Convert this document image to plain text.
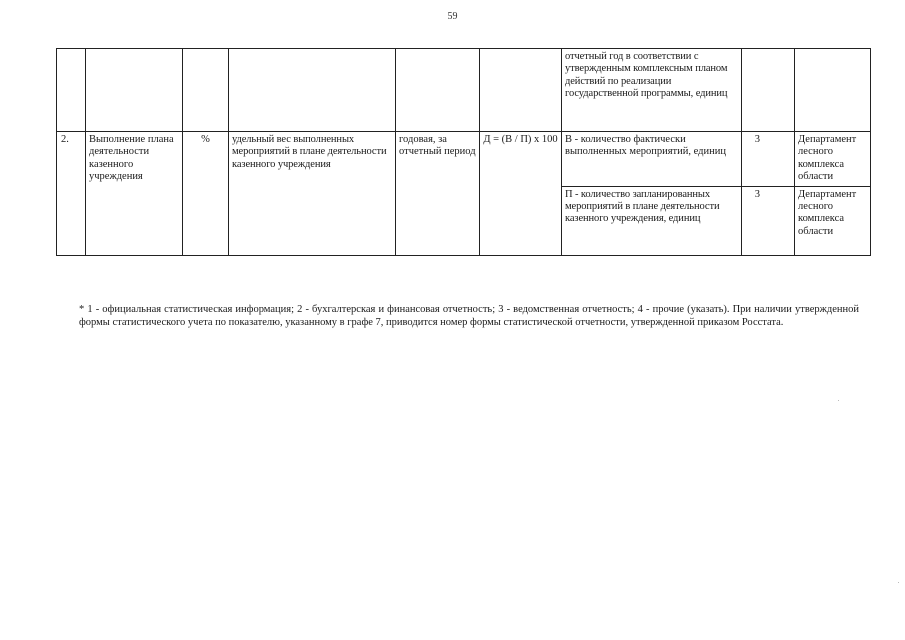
59
						отчетный год в соответствии с утвержденным комплексным планом действий по реализации государственной программы, единиц		
2.	Выполнение плана деятельности казенного учреждения	%	удельный вес выполненных мероприятий в плане деятельности казенного учреждения	годовая, за отчетный период	Д = (В / П) x 100	В - количество фактически выполненных мероприятий, единиц	3	Департамент лесного комплекса области
						П - количество запланированных мероприятий в плане деятельности казенного учреждения, единиц	3	Департамент лесного комплекса области
* 1 - официальная статистическая информация; 2 - бухгалтерская и финансовая отчетность; 3 - ведомственная отчетность; 4 - прочие (указать). При наличии утвержденной формы статистического учета по показателю, указанному в графе 7, приводится номер формы статистической отчетности, утвержденной приказом Росстата.
